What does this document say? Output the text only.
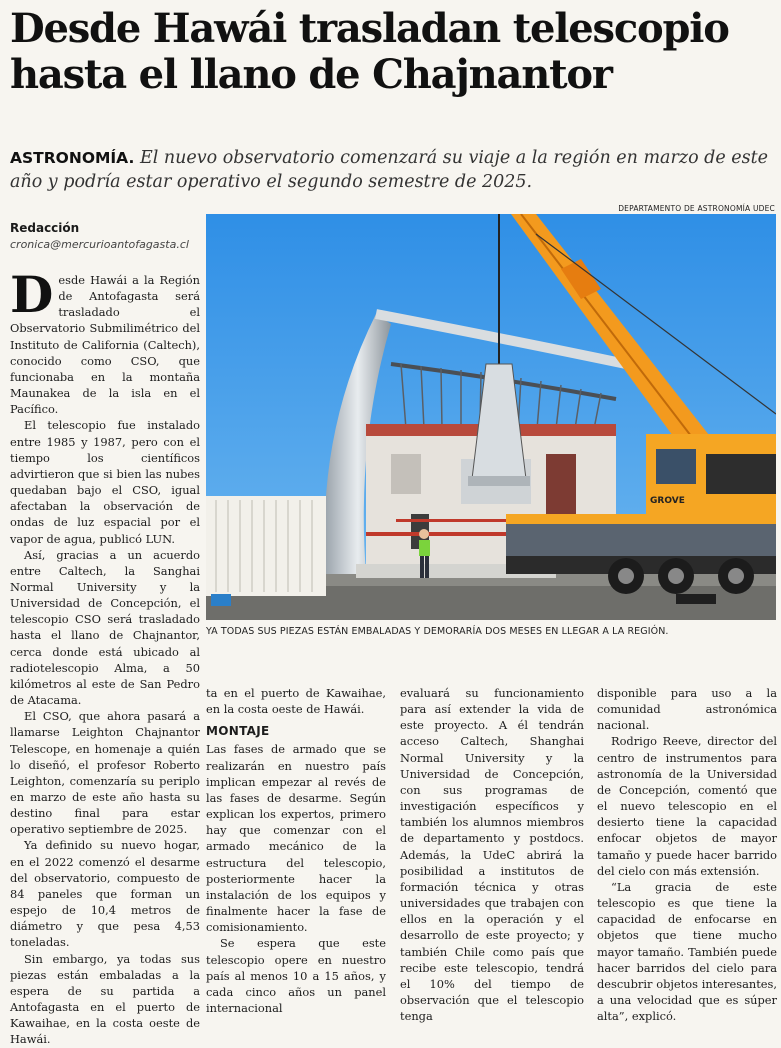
Desde Hawái trasladan telescopio hasta el llano de Chajnantor
ASTRONOMÍA. El nuevo observatorio comenzará su viaje a la región en marzo de este año y podría estar operativo el segundo semestre de 2025.
DEPARTAMENTO DE ASTRONOMÍA UDEC
Redacción
cronica@mercurioantofagasta.cl

Desde Hawái a la Región de Antofagasta será trasladado el Observatorio Submilimétrico del Instituto de California (Caltech), conocido como CSO, que funcionaba en la montaña Maunakea de la isla en el Pacífico.

El telescopio fue instalado entre 1985 y 1987, pero con el tiempo los científicos advirtieron que si bien las nubes quedaban bajo el CSO, igual afectaban la observación de ondas de luz espacial por el vapor de agua, publicó LUN.

Así, gracias a un acuerdo entre Caltech, la Sanghai Normal University y la Universidad de Concepción, el telescopio CSO será trasladado hasta el llano de Chajnantor, cerca donde está ubicado al radiotelescopio Alma, a 50 kilómetros al este de San Pedro de Atacama.

El CSO, que ahora pasará a llamarse Leighton Chajnantor Telescope, en homenaje a quién lo diseñó, el profesor Roberto Leighton, comenzaría su periplo en marzo de este año hasta su destino final para estar operativo septiembre de 2025.

Ya definido su nuevo hogar, en el 2022 comenzó el desarme del observatorio, compuesto de 84 paneles que forman un espejo de 10,4 metros de diámetro y que pesa 4,53 toneladas.

Sin embargo, ya todas sus piezas están embaladas a la espera de su partida a Antofagasta en el puerto de Kawaihae, en la costa oeste de Hawái.

GROVE
YA TODAS SUS PIEZAS ESTÁN EMBALADAS Y DEMORARÍA DOS MESES EN LLEGAR A LA REGIÓN.

ta en el puerto de Kawaihae, en la costa oeste de Hawái.

MONTAJE

Las fases de armado que se realizarán en nuestro país implican empezar al revés de las fases de desarme. Según explican los expertos, primero hay que comenzar con el armado mecánico de la estructura del telescopio, posteriormente hacer la instalación de los equipos y finalmente hacer la fase de comisionamiento.

Se espera que este telescopio opere en nuestro país al menos 10 a 15 años, y cada cinco años un panel internacional

evaluará su funcionamiento para así extender la vida de este proyecto. A él tendrán acceso Caltech, Shanghai Normal University y la Universidad de Concepción, con sus programas de investigación específicos y también los alumnos miembros de departamento y postdocs. Además, la UdeC abrirá la posibilidad a institutos de formación técnica y otras universidades que trabajen con ellos en la operación y el desarrollo de este proyecto; y también Chile como país que recibe este telescopio, tendrá el 10% del tiempo de observación que el telescopio tenga

disponible para uso a la comunidad astronómica nacional.

Rodrigo Reeve, director del centro de instrumentos para astronomía de la Universidad de Concepción, comentó que el nuevo telescopio en el desierto tiene la capacidad enfocar objetos de mayor tamaño y puede hacer barrido del cielo con más extensión.

“La gracia de este telescopio es que tiene la capacidad de enfocarse en objetos que tiene mucho mayor tamaño. También puede hacer barridos del cielo para descubrir objetos interesantes, a una velocidad que es súper alta”, explicó.
